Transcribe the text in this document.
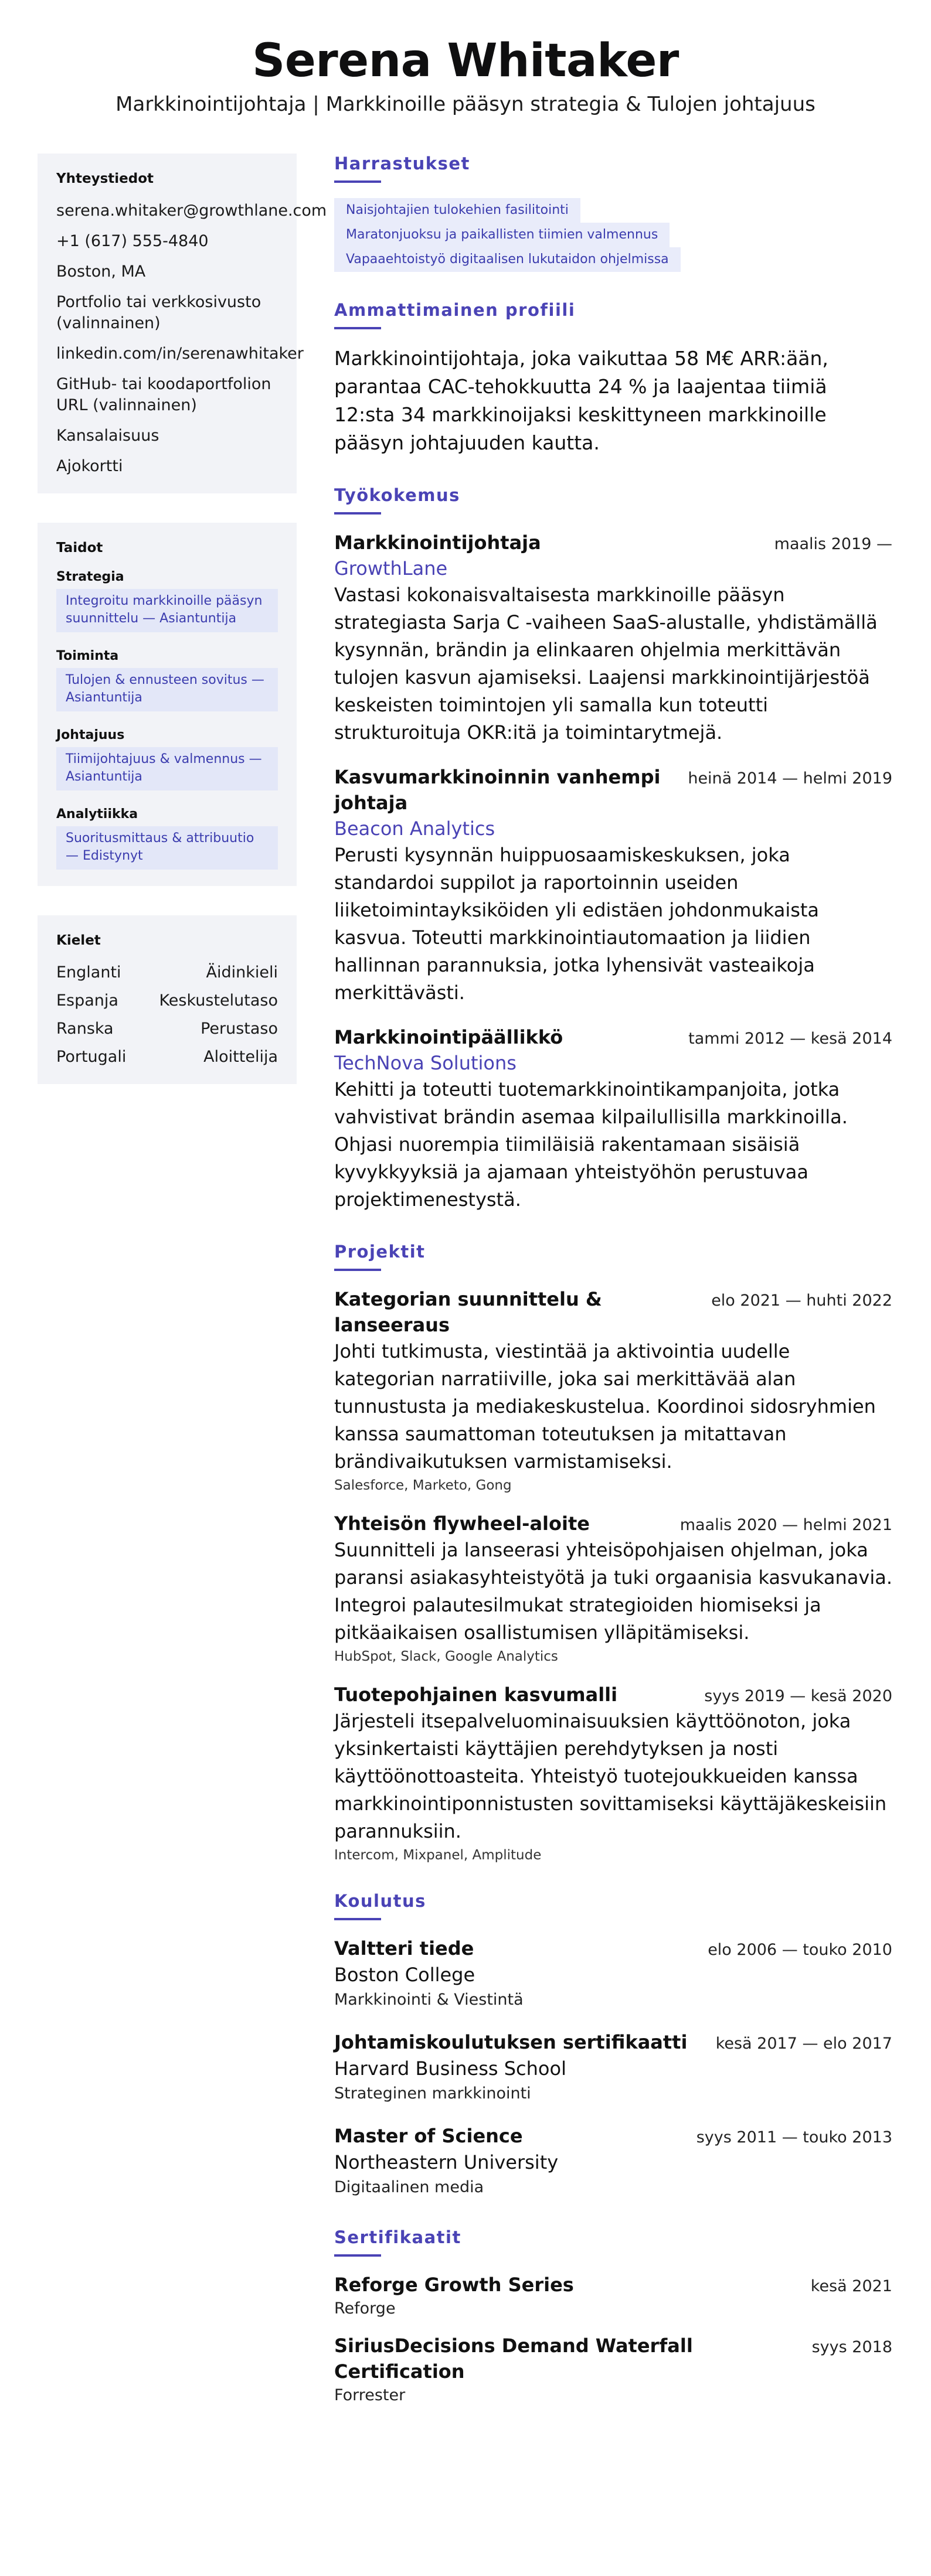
Serena Whitaker
Markkinointijohtaja | Markkinoille pääsyn strategia & Tulojen johtajuus
Yhteystiedot
serena.whitaker@growthlane.com
+1 (617) 555-4840
Boston, MA
Portfolio tai verkkosivusto (valinnainen)
linkedin.com/in/serenawhitaker
GitHub- tai koodaportfolion URL (valinnainen)
Kansalaisuus
Ajokortti
Taidot
Strategia
Integroitu markkinoille pääsyn suunnittelu — Asiantuntija
Toiminta
Tulojen & ennusteen sovitus — Asiantuntija
Johtajuus
Tiimijohtajuus & valmennus — Asiantuntija
Analytiikka
Suoritusmittaus & attribuutio — Edistynyt
Kielet
Englanti	Äidinkieli
Espanja	Keskustelutaso
Ranska	Perustaso
Portugali	Aloittelija
Harrastukset
Naisjohtajien tulokehien fasilitointi
Maratonjuoksu ja paikallisten tiimien valmennus
Vapaaehtoistyö digitaalisen lukutaidon ohjelmissa
Ammattimainen profiili
Markkinointijohtaja, joka vaikuttaa 58 M€ ARR:ään, parantaa CAC-tehokkuutta 24 % ja laajentaa tiimiä 12:sta 34 markkinoijaksi keskittyneen markkinoille pääsyn johtajuuden kautta.
Työkokemus
Markkinointijohtaja	maalis 2019 —
GrowthLane
Vastasi kokonaisvaltaisesta markkinoille pääsyn strategiasta Sarja C -vaiheen SaaS-alustalle, yhdistämällä kysynnän, brändin ja elinkaaren ohjelmia merkittävän tulojen kasvun ajamiseksi. Laajensi markkinointijärjestöä keskeisten toimintojen yli samalla kun toteutti strukturoituja OKR:itä ja toimintarytmejä.
Kasvumarkkinoinnin vanhempi johtaja
heinä 2014 — helmi 2019
Beacon Analytics
Perusti kysynnän huippuosaamiskeskuksen, joka standardoi suppilot ja raportoinnin useiden liiketoimintayksiköiden yli edistäen johdonmukaista kasvua. Toteutti markkinointiautomaation ja liidien hallinnan parannuksia, jotka lyhensivät vasteaikoja merkittävästi.
Markkinointipäällikkö	tammi 2012 — kesä 2014
TechNova Solutions
Kehitti ja toteutti tuotemarkkinointikampanjoita, jotka vahvistivat brändin asemaa kilpailullisilla markkinoilla. Ohjasi nuorempia tiimiläisiä rakentamaan sisäisiä kyvykkyyksiä ja ajamaan yhteistyöhön perustuvaa projektimenestystä.
Projektit
Kategorian suunnittelu & lanseeraus
elo 2021 — huhti 2022
Johti tutkimusta, viestintää ja aktivointia uudelle kategorian narratiiville, joka sai merkittävää alan tunnustusta ja mediakeskustelua. Koordinoi sidosryhmien kanssa saumattoman toteutuksen ja mitattavan brändivaikutuksen varmistamiseksi.
Salesforce, Marketo, Gong
Yhteisön flywheel-aloite	maalis 2020 — helmi 2021
Suunnitteli ja lanseerasi yhteisöpohjaisen ohjelman, joka paransi asiakasyhteistyötä ja tuki orgaanisia kasvukanavia. Integroi palautesilmukat strategioiden hiomiseksi ja pitkäaikaisen osallistumisen ylläpitämiseksi.
HubSpot, Slack, Google Analytics
Tuotepohjainen kasvumalli	syys 2019 — kesä 2020
Järjesteli itsepalveluominaisuuksien käyttöönoton, joka yksinkertaisti käyttäjien perehdytyksen ja nosti käyttöönottoasteita. Yhteistyö tuotejoukkueiden kanssa markkinointiponnistusten sovittamiseksi käyttäjäkeskeisiin parannuksiin.
Intercom, Mixpanel, Amplitude
Koulutus
Valtteri tiede	elo 2006 — touko 2010
Boston College
Markkinointi & Viestintä
Johtamiskoulutuksen sertifikaatti	kesä 2017 — elo 2017
Harvard Business School
Strateginen markkinointi
Master of Science	syys 2011 — touko 2013
Northeastern University
Digitaalinen media
Sertifikaatit
Reforge Growth Series	kesä 2021
Reforge
SiriusDecisions Demand Waterfall Certification
syys 2018
Forrester
